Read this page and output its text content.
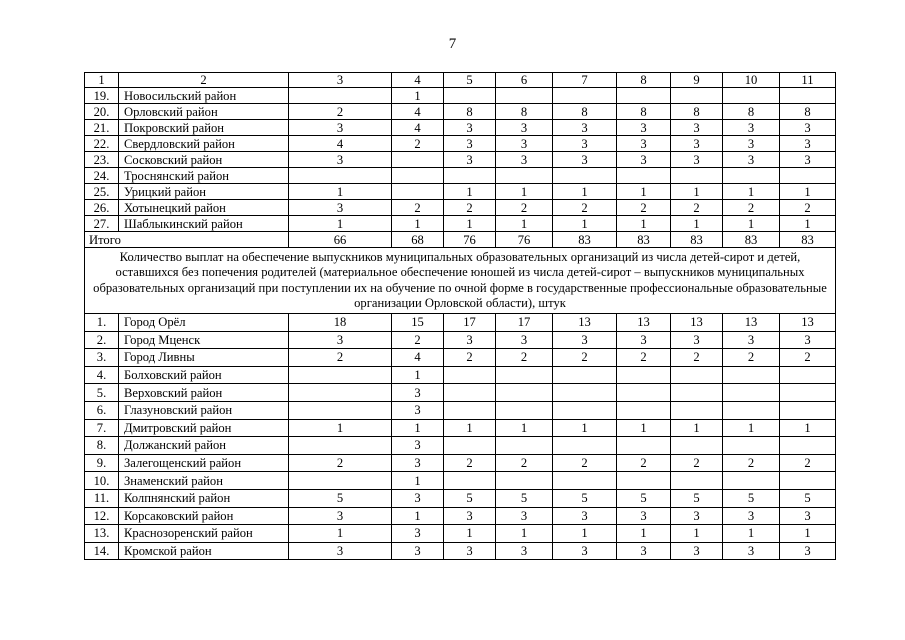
7
1	2	3	4	5	6	7	8	9	10	11
19.	Новосильский район		1							
20.	Орловский район	2	4	8	8	8	8	8	8	8
21.	Покровский район	3	4	3	3	3	3	3	3	3
22.	Свердловский район	4	2	3	3	3	3	3	3	3
23.	Сосковский район	3		3	3	3	3	3	3	3
24.	Троснянский район									
25.	Урицкий район	1		1	1	1	1	1	1	1
26.	Хотынецкий район	3	2	2	2	2	2	2	2	2
27.	Шаблыкинский район	1	1	1	1	1	1	1	1	1
Итого		66	68	76	76	83	83	83	83	83
Количество выплат на обеспечение выпускников муниципальных образовательных организаций из числа детей-сирот и детей, оставшихся без попечения родителей (материальное обеспечение юношей из числа детей-сирот – выпускников муниципальных образовательных организаций при поступлении их на обучение по очной форме в государственные профессиональные образовательные организации Орловской области), штук										
1.	Город Орёл	18	15	17	17	13	13	13	13	13
2.	Город Мценск	3	2	3	3	3	3	3	3	3
3.	Город Ливны	2	4	2	2	2	2	2	2	2
4.	Болховский район		1							
5.	Верховский район		3							
6.	Глазуновский район		3							
7.	Дмитровский район	1	1	1	1	1	1	1	1	1
8.	Должанский район		3							
9.	Залегощенский район	2	3	2	2	2	2	2	2	2
10.	Знаменский район		1							
11.	Колпнянский район	5	3	5	5	5	5	5	5	5
12.	Корсаковский район	3	1	3	3	3	3	3	3	3
13.	Краснозоренский район	1	3	1	1	1	1	1	1	1
14.	Кромской район	3	3	3	3	3	3	3	3	3
